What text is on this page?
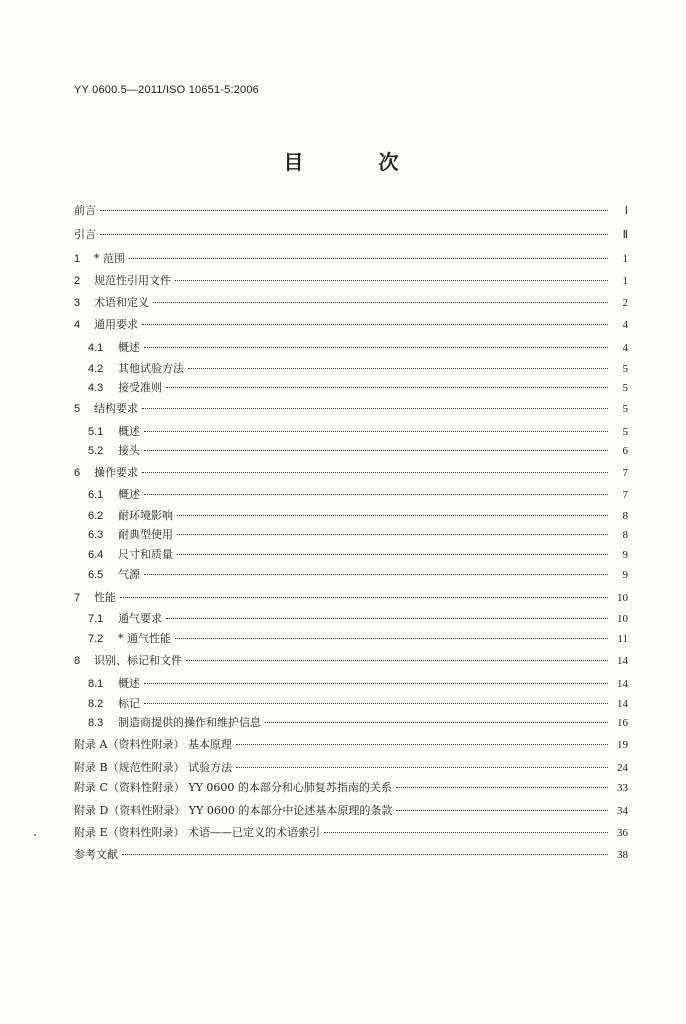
YY 0600.5—2011/ISO 10651-5:2006
目 次
前言	Ⅰ
引言	Ⅱ
1	* 范围	1
2	规范性引用文件	1
3	术语和定义	2
4	通用要求	4
4.1	概述	4
4.2	其他试验方法	5
4.3	接受准则	5
5	结构要求	5
5.1	概述	5
5.2	接头	6
6	操作要求	7
6.1	概述	7
6.2	耐环境影响	8
6.3	耐典型使用	8
6.4	尺寸和质量	9
6.5	气源	9
7	性能	10
7.1	通气要求	10
7.2	* 通气性能	11
8	识别、标记和文件	14
8.1	概述	14
8.2	标记	14
8.3	制造商提供的操作和维护信息	16
附录 A（资料性附录） 基本原理	19
附录 B（规范性附录） 试验方法	24
附录 C（资料性附录） YY 0600 的本部分和心肺复苏指南的关系	33
附录 D（资料性附录） YY 0600 的本部分中论述基本原理的条款	34
附录 E（资料性附录） 术语——已定义的术语索引	36
参考文献	38
